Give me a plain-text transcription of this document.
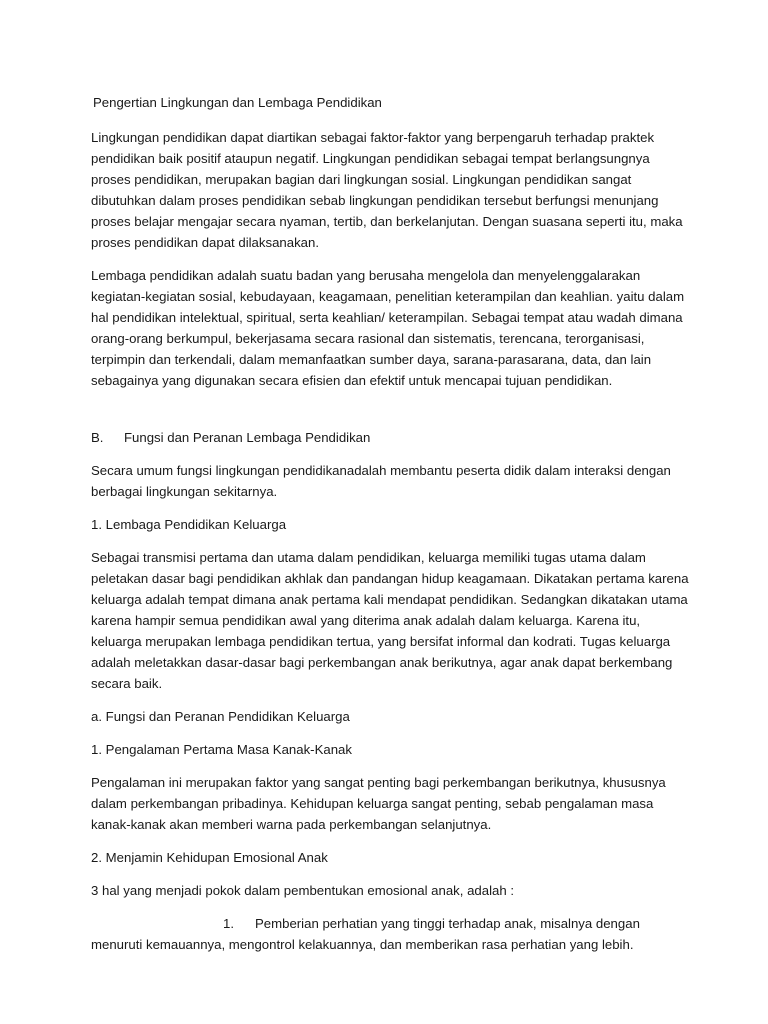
Pengertian Lingkungan dan Lembaga Pendidikan

Lingkungan pendidikan dapat diartikan sebagai faktor-faktor yang berpengaruh terhadap praktek pendidikan baik positif ataupun negatif. Lingkungan pendidikan sebagai tempat berlangsungnya proses pendidikan, merupakan bagian dari lingkungan sosial. Lingkungan pendidikan sangat dibutuhkan dalam proses pendidikan sebab lingkungan pendidikan tersebut berfungsi menunjang proses belajar mengajar secara nyaman, tertib, dan berkelanjutan. Dengan suasana seperti itu, maka proses pendidikan dapat dilaksanakan.

Lembaga pendidikan adalah suatu badan yang berusaha mengelola dan menyelenggalarakan kegiatan-kegiatan sosial, kebudayaan, keagamaan, penelitian keterampilan dan keahlian. yaitu dalam hal pendidikan intelektual, spiritual, serta keahlian/ keterampilan. Sebagai tempat atau wadah dimana orang-orang berkumpul, bekerjasama secara rasional dan sistematis, terencana, terorganisasi, terpimpin dan terkendali, dalam memanfaatkan sumber daya, sarana-parasarana, data, dan lain sebagainya yang digunakan secara efisien dan efektif untuk mencapai tujuan pendidikan.

B.	Fungsi dan Peranan Lembaga Pendidikan

Secara umum fungsi lingkungan pendidikanadalah membantu peserta didik dalam interaksi dengan berbagai lingkungan sekitarnya.

1. Lembaga Pendidikan Keluarga

Sebagai transmisi pertama dan utama dalam pendidikan, keluarga memiliki tugas utama dalam peletakan dasar bagi pendidikan akhlak dan pandangan hidup keagamaan. Dikatakan pertama karena keluarga adalah tempat dimana anak pertama kali mendapat pendidikan. Sedangkan dikatakan utama karena hampir semua pendidikan awal yang diterima anak adalah dalam keluarga. Karena itu, keluarga merupakan lembaga pendidikan tertua, yang bersifat informal dan kodrati. Tugas keluarga adalah meletakkan dasar-dasar bagi perkembangan anak berikutnya, agar anak dapat berkembang secara baik.

a. Fungsi dan Peranan Pendidikan Keluarga

1. Pengalaman Pertama Masa Kanak-Kanak

Pengalaman ini merupakan faktor yang sangat penting bagi perkembangan berikutnya, khususnya dalam perkembangan pribadinya. Kehidupan keluarga sangat penting, sebab pengalaman masa kanak-kanak akan memberi warna pada perkembangan selanjutnya.

2. Menjamin Kehidupan Emosional Anak

3 hal yang menjadi pokok dalam pembentukan emosional anak, adalah :

1. Pemberian perhatian yang tinggi terhadap anak, misalnya dengan menuruti kemauannya, mengontrol kelakuannya, dan memberikan rasa perhatian yang lebih.
